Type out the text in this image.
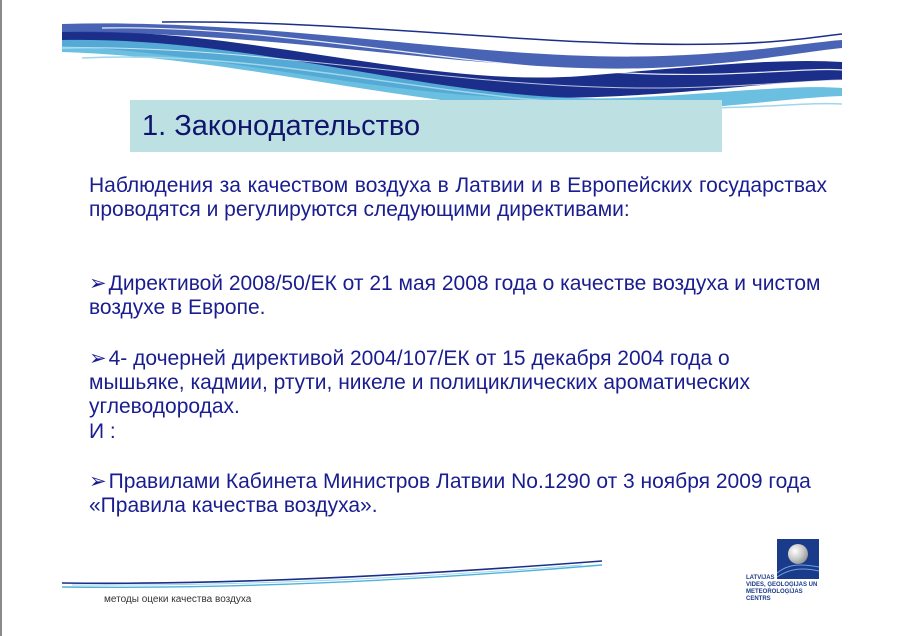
1. Законодательство
Наблюдения за качеством воздуха в Латвии и в Европейских государствах проводятся и регулируются следующими директивами:
➢Директивой 2008/50/ЕК от 21 мая 2008 года о качестве воздуха и чистом воздухе в Европе.
➢4- дочерней директивой 2004/107/ЕК от 15 декабря 2004 года о мышьяке, кадмии, ртути, никеле и полициклических ароматических углеводородах.
И :
➢Правилами Кабинета Министров Латвии No.1290 от 3 ноября 2009 года «Правила качества воздуха».
методы оцеки качества воздуха
LATVIJAS
VIDES, ĢEOLOĢIJAS UN
METEOROLOĢIJAS CENTRS
